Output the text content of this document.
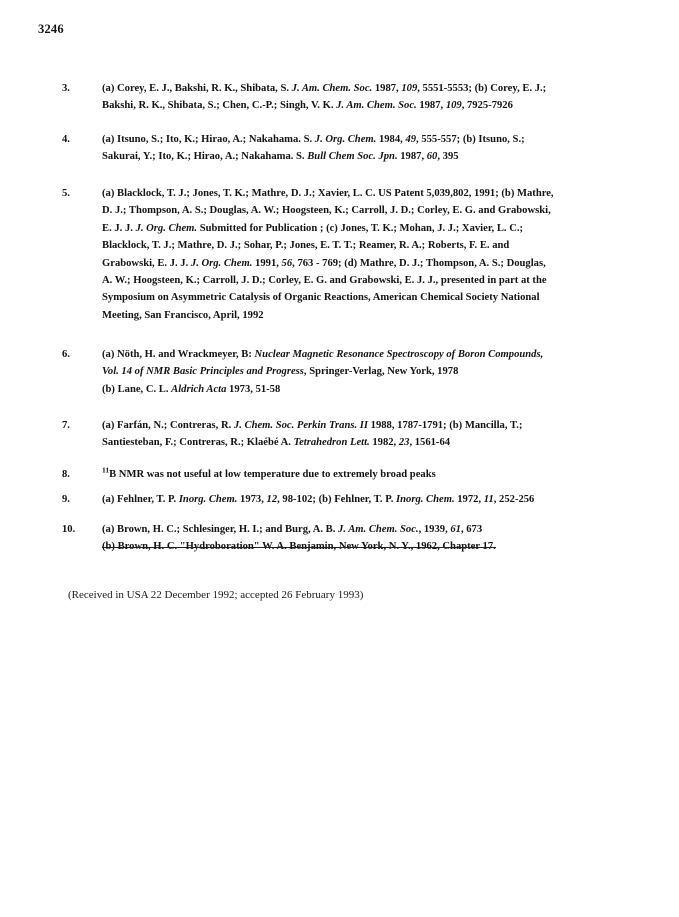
3246
3.	(a) Corey, E. J., Bakshi, R. K., Shibata, S. J. Am. Chem. Soc. 1987, 109, 5551-5553; (b) Corey, E. J.;
Bakshi, R. K., Shibata, S.; Chen, C.-P.; Singh, V. K. J. Am. Chem. Soc. 1987, 109, 7925-7926
4.	(a) Itsuno, S.; Ito, K.; Hirao, A.; Nakahama. S. J. Org. Chem. 1984, 49, 555-557; (b) Itsuno, S.;
Sakurai, Y.; Ito, K.; Hirao, A.; Nakahama. S. Bull Chem Soc. Jpn. 1987, 60, 395
5.	(a) Blacklock, T. J.; Jones, T. K.; Mathre, D. J.; Xavier, L. C. US Patent 5,039,802, 1991; (b) Mathre,
D. J.; Thompson, A. S.; Douglas, A. W.; Hoogsteen, K.; Carroll, J. D.; Corley, E. G. and Grabowski,
E. J. J. J. Org. Chem. Submitted for Publication ; (c) Jones, T. K.; Mohan, J. J.; Xavier, L. C.;
Blacklock, T. J.; Mathre, D. J.; Sohar, P.; Jones, E. T. T.; Reamer, R. A.; Roberts, F. E. and
Grabowski, E. J. J. J. Org. Chem. 1991, 56, 763 - 769; (d) Mathre, D. J.; Thompson, A. S.; Douglas,
A. W.; Hoogsteen, K.; Carroll, J. D.; Corley, E. G. and Grabowski, E. J. J., presented in part at the
Symposium on Asymmetric Catalysis of Organic Reactions, American Chemical Society National
Meeting, San Francisco, April, 1992
6.	(a) Nöth, H. and Wrackmeyer, B: Nuclear Magnetic Resonance Spectroscopy of Boron Compounds,
Vol. 14 of NMR Basic Principles and Progress, Springer-Verlag, New York, 1978
(b) Lane, C. L. Aldrich Acta 1973, 51-58
7.	(a) Farfán, N.; Contreras, R. J. Chem. Soc. Perkin Trans. II 1988, 1787-1791; (b) Mancilla, T.;
Santiesteban, F.; Contreras, R.; Klaébé A. Tetrahedron Lett. 1982, 23, 1561-64
8.	$^{11}$B NMR was not useful at low temperature due to extremely broad peaks
9.	(a) Fehlner, T. P. Inorg. Chem. 1973, 12, 98-102; (b) Fehlner, T. P. Inorg. Chem. 1972, 11, 252-256
10.	(a) Brown, H. C.; Schlesinger, H. I.; and Burg, A. B. J. Am. Chem. Soc., 1939, 61, 673
(b) Brown, H. C. "Hydroboration" W. A. Benjamin, New York, N. Y., 1962, Chapter 17.
(Received in USA 22 December 1992; accepted 26 February 1993)
